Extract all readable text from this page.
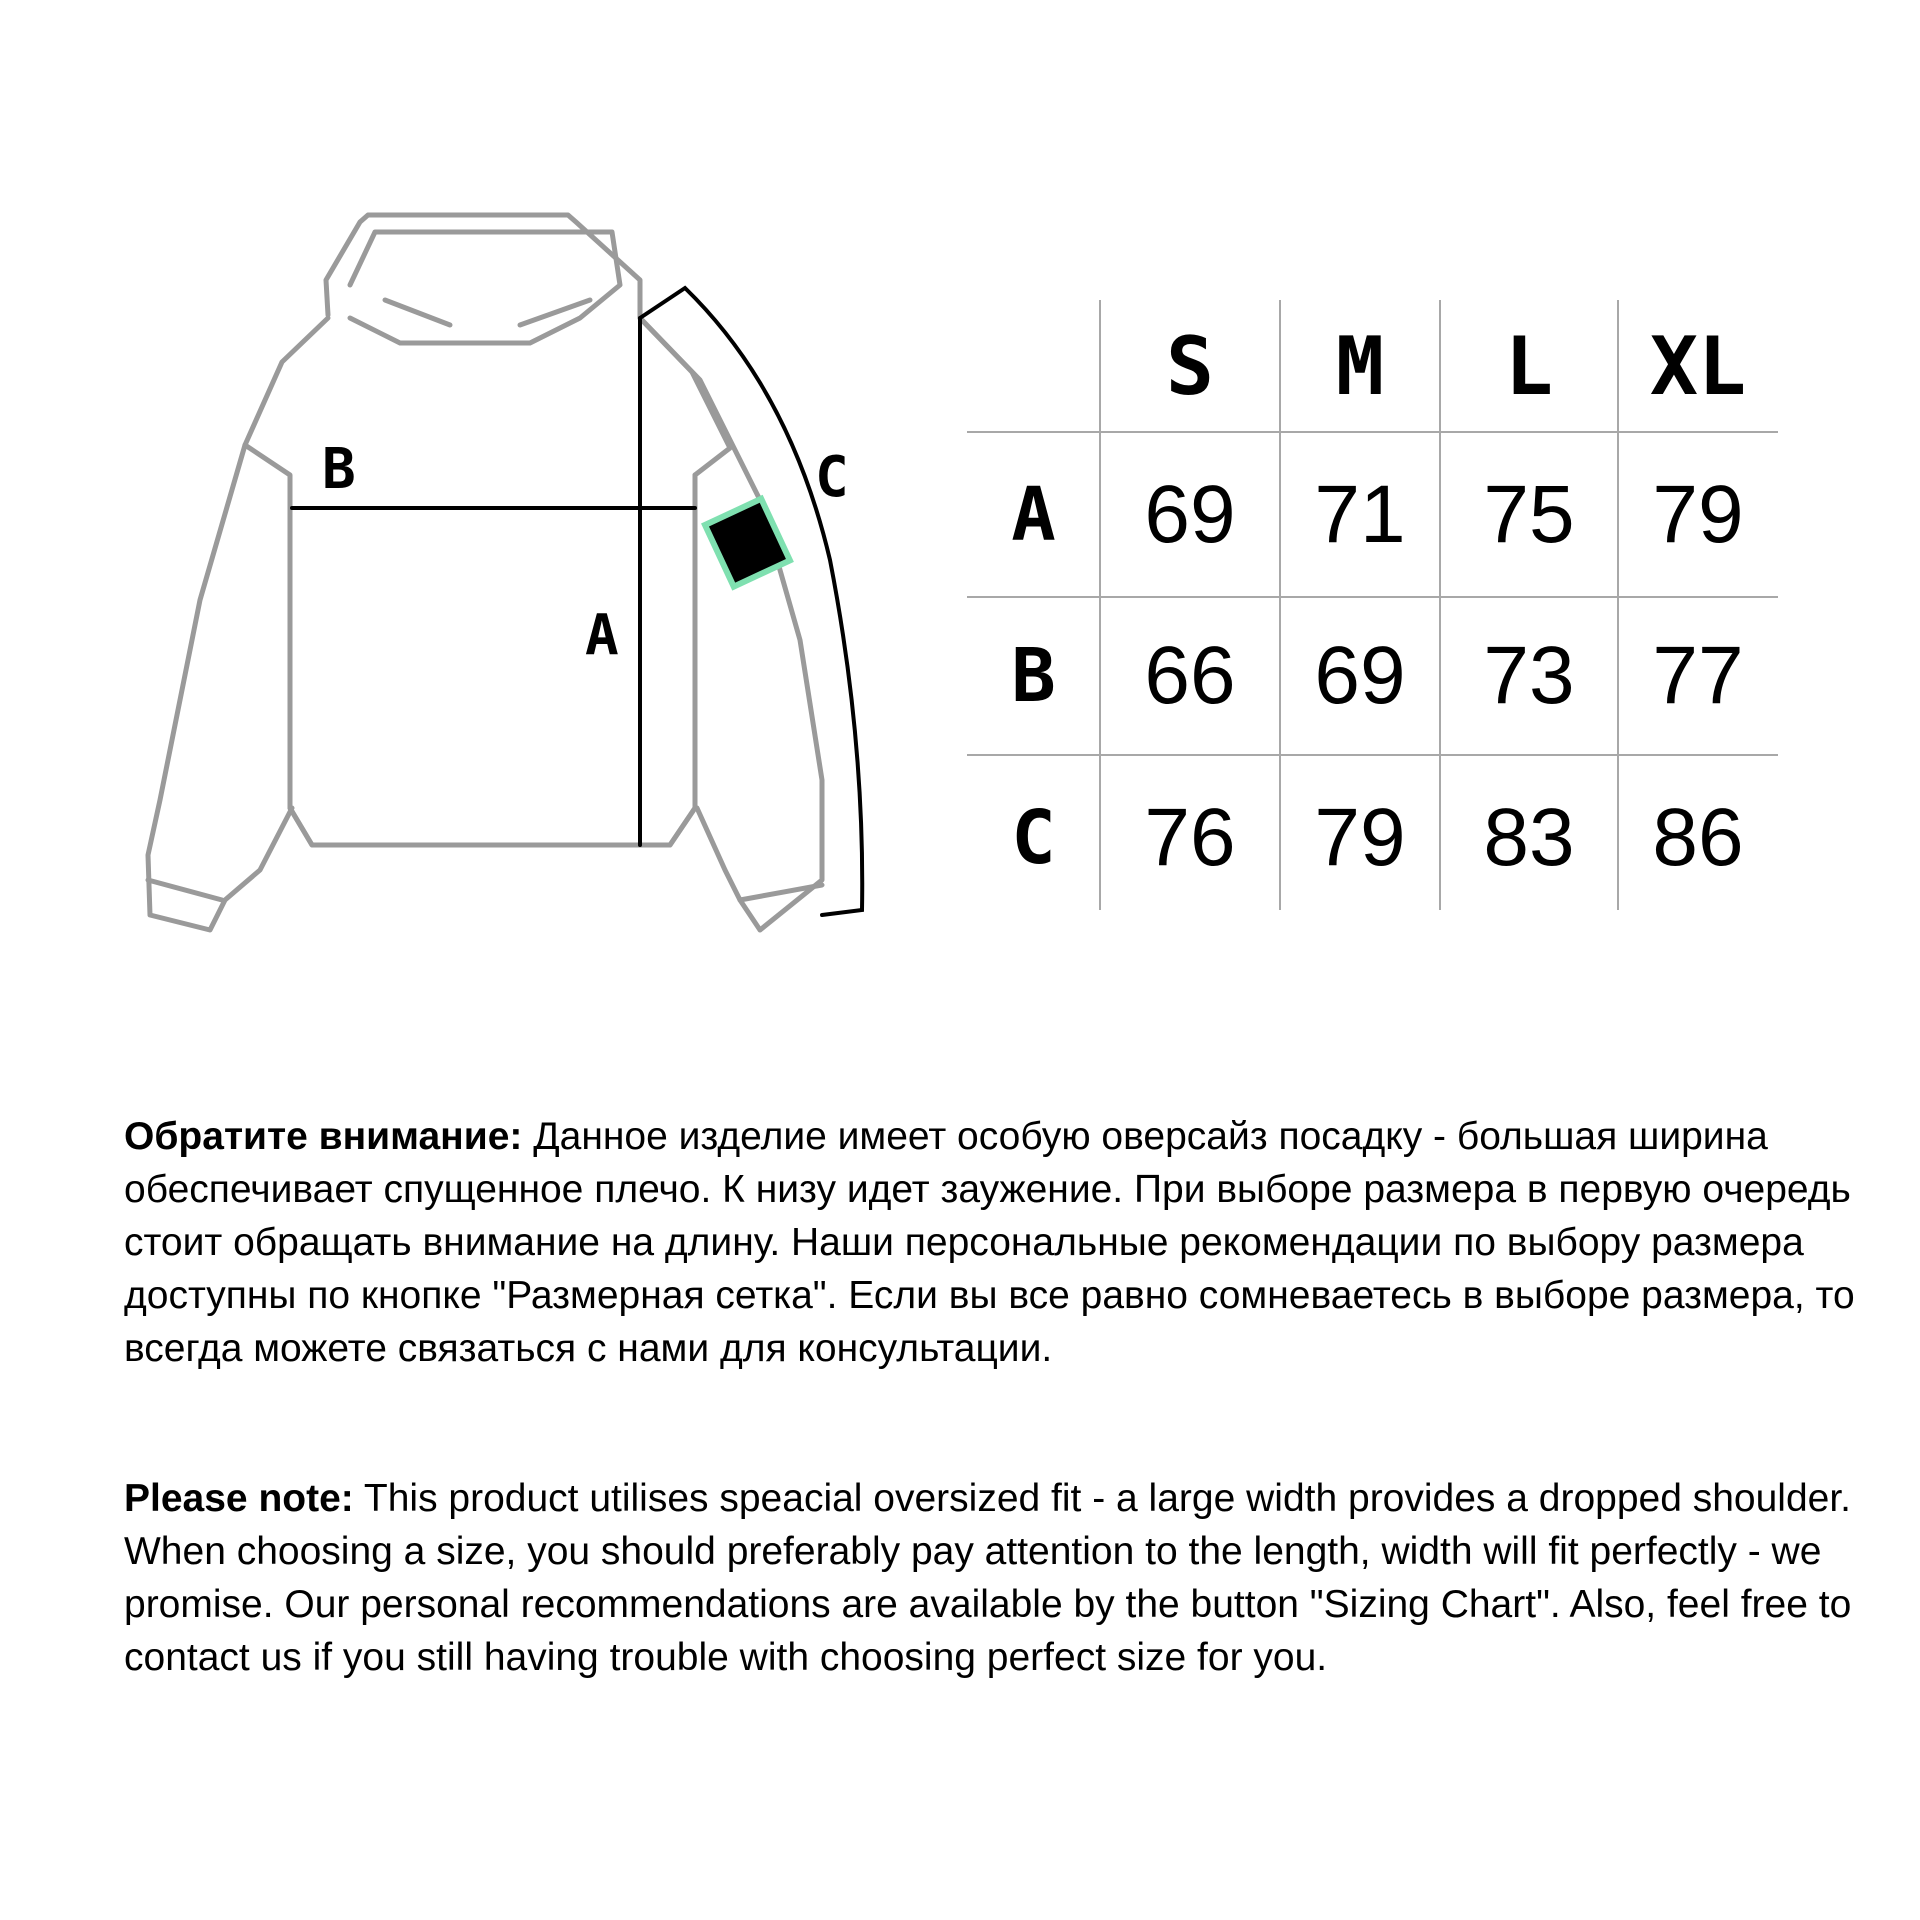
B
A
C
S	M	L	XL
A	69 71 75 79
B	66 69 73 77
C	76 79 83 86

Обратите внимание: Данное изделие имеет особую оверсайз посадку - большая ширина обеспечивает спущенное плечо. К низу идет заужение. При выборе размера в первую очередь стоит обращать внимание на длину. Наши персональные рекомендации по выбору размера доступны по кнопке "Размерная сетка". Если вы все равно сомневаетесь в выборе размера, то всегда можете связаться с нами для консультации.

Please note: This product utilises speacial oversized fit - a large width provides a dropped shoulder. When choosing a size, you should preferably pay attention to the length, width will fit perfectly - we promise. Our personal recommendations are available by the button "Sizing Chart". Also, feel free to contact us if you still having trouble with choosing perfect size for you.
